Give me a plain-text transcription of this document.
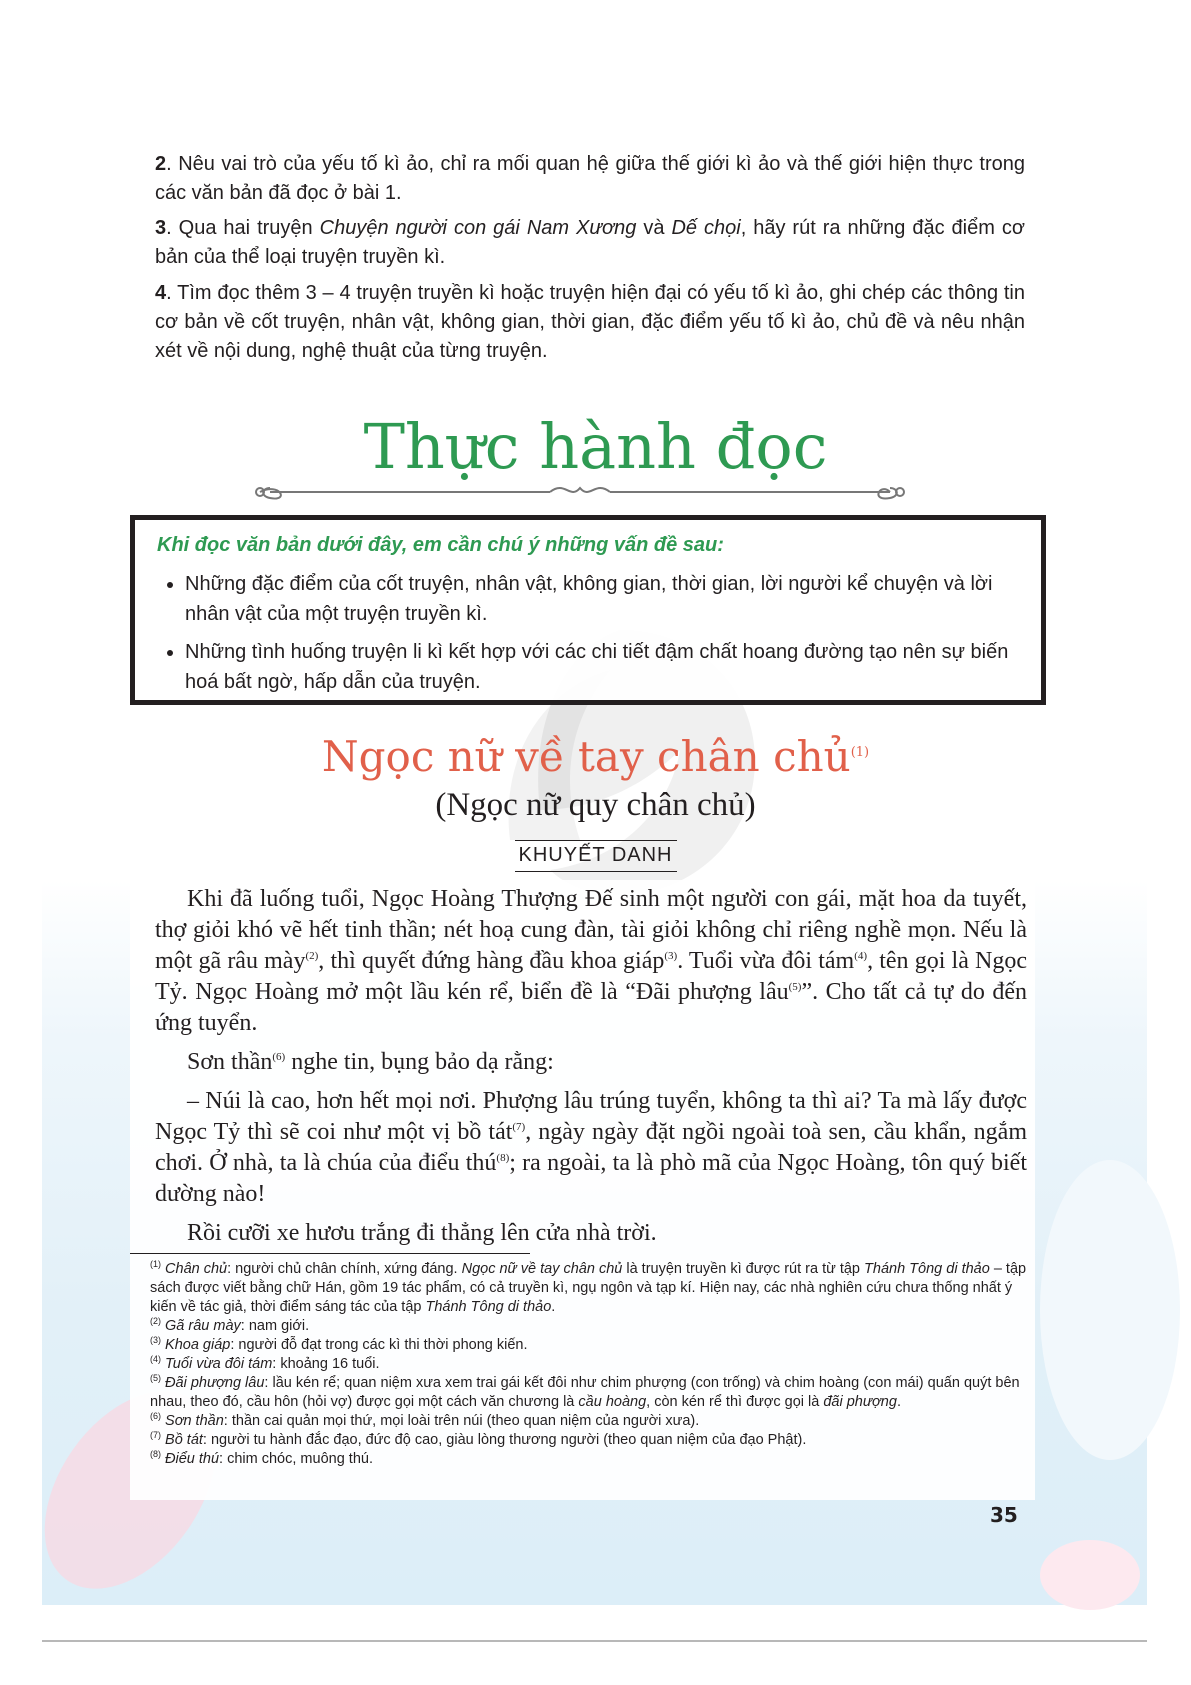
2. Nêu vai trò của yếu tố kì ảo, chỉ ra mối quan hệ giữa thế giới kì ảo và thế giới hiện thực trong các văn bản đã đọc ở bài 1.

3. Qua hai truyện Chuyện người con gái Nam Xương và Dế chọi, hãy rút ra những đặc điểm cơ bản của thể loại truyện truyền kì.

4. Tìm đọc thêm 3 – 4 truyện truyền kì hoặc truyện hiện đại có yếu tố kì ảo, ghi chép các thông tin cơ bản về cốt truyện, nhân vật, không gian, thời gian, đặc điểm yếu tố kì ảo, chủ đề và nêu nhận xét về nội dung, nghệ thuật của từng truyện.

Thực hành đọc

Khi đọc văn bản dưới đây, em cần chú ý những vấn đề sau:

• Những đặc điểm của cốt truyện, nhân vật, không gian, thời gian, lời người kể chuyện và lời nhân vật của một truyện truyền kì.
• Những tình huống truyện li kì kết hợp với các chi tiết đậm chất hoang đường tạo nên sự biến hoá bất ngờ, hấp dẫn của truyện.
Ngọc nữ về tay chân chủ$^{(1)}$

(Ngọc nữ quy chân chủ)

KHUYẾT DANH

Khi đã luống tuổi, Ngọc Hoàng Thượng Đế sinh một người con gái, mặt hoa da tuyết, thợ giỏi khó vẽ hết tinh thần; nét hoạ cung đàn, tài giỏi không chỉ riêng nghề mọn. Nếu là một gã râu mày$^{(2)}$, thì quyết đứng hàng đầu khoa giáp$^{(3)}$. Tuổi vừa đôi tám$^{(4)}$, tên gọi là Ngọc Tỷ. Ngọc Hoàng mở một lầu kén rể, biển đề là “Đãi phượng lâu$^{(5)}$”. Cho tất cả tự do đến ứng tuyển.

Sơn thần$^{(6)}$ nghe tin, bụng bảo dạ rằng:

– Núi là cao, hơn hết mọi nơi. Phượng lâu trúng tuyển, không ta thì ai? Ta mà lấy được Ngọc Tỷ thì sẽ coi như một vị bồ tát$^{(7)}$, ngày ngày đặt ngồi ngoài toà sen, cầu khẩn, ngắm chơi. Ở nhà, ta là chúa của điểu thú$^{(8)}$; ra ngoài, ta là phò mã của Ngọc Hoàng, tôn quý biết dường nào!

Rồi cưỡi xe hươu trắng đi thẳng lên cửa nhà trời.

$^{(1)}$ Chân chủ: người chủ chân chính, xứng đáng. Ngọc nữ về tay chân chủ là truyện truyền kì được rút ra từ tập Thánh Tông di thảo – tập sách được viết bằng chữ Hán, gồm 19 tác phẩm, có cả truyền kì, ngụ ngôn và tạp kí. Hiện nay, các nhà nghiên cứu chưa thống nhất ý kiến về tác giả, thời điểm sáng tác của tập Thánh Tông di thảo.

$^{(2)}$ Gã râu mày: nam giới.

$^{(3)}$ Khoa giáp: người đỗ đạt trong các kì thi thời phong kiến.

$^{(4)}$ Tuổi vừa đôi tám: khoảng 16 tuổi.

$^{(5)}$ Đãi phượng lâu: lầu kén rể; quan niệm xưa xem trai gái kết đôi như chim phượng (con trống) và chim hoàng (con mái) quấn quýt bên nhau, theo đó, cầu hôn (hỏi vợ) được gọi một cách văn chương là cầu hoàng, còn kén rể thì được gọi là đãi phượng.

$^{(6)}$ Sơn thần: thần cai quản mọi thứ, mọi loài trên núi (theo quan niệm của người xưa).

$^{(7)}$ Bồ tát: người tu hành đắc đạo, đức độ cao, giàu lòng thương người (theo quan niệm của đạo Phật).

$^{(8)}$ Điểu thú: chim chóc, muông thú.

35
